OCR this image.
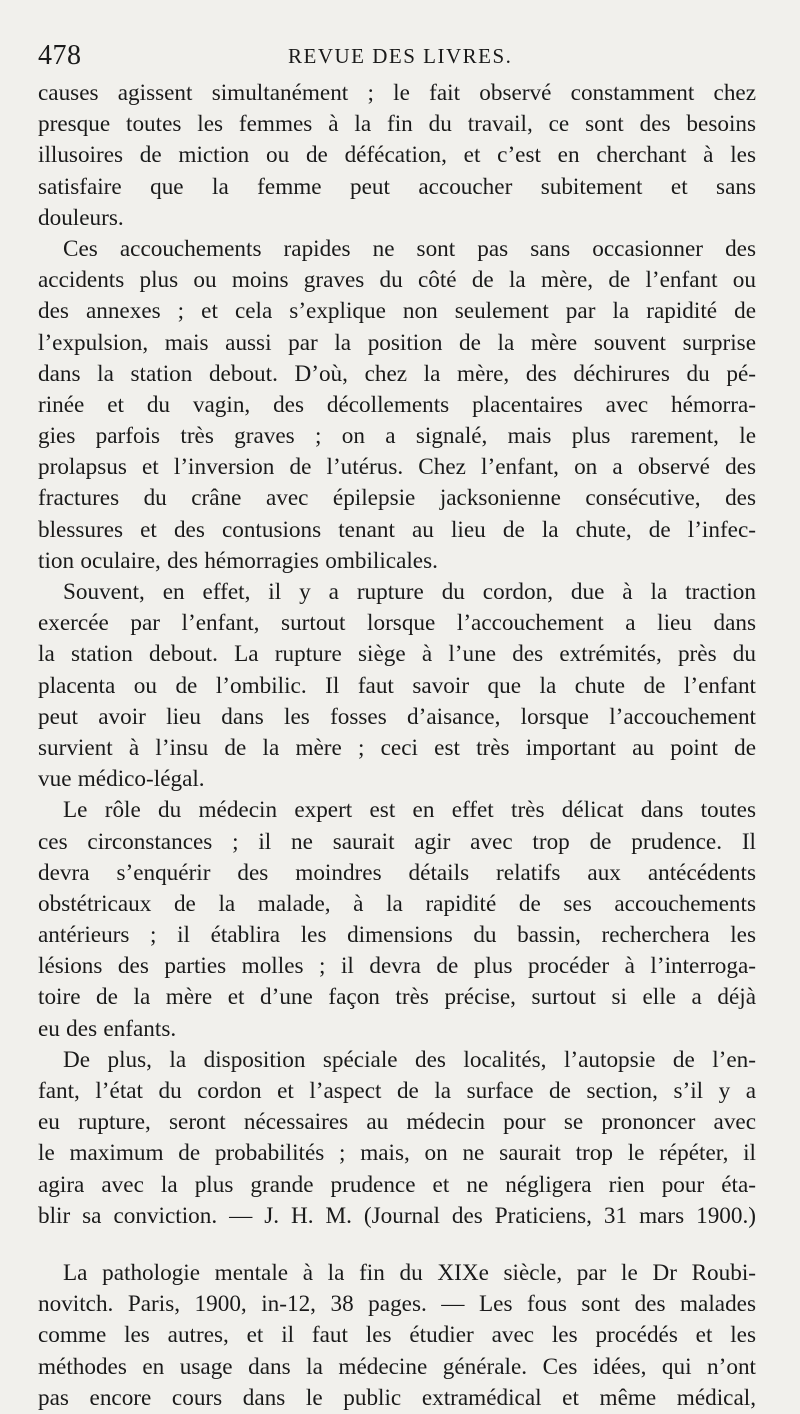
478	REVUE DES LIVRES.
causes agissent simultanément ; le fait observé constamment chez
presque toutes les femmes à la fin du travail, ce sont des besoins
illusoires de miction ou de défécation, et c’est en cherchant à les
satisfaire que la femme peut accoucher subitement et sans
douleurs.
Ces accouchements rapides ne sont pas sans occasionner des
accidents plus ou moins graves du côté de la mère, de l’enfant ou
des annexes ; et cela s’explique non seulement par la rapidité de
l’expulsion, mais aussi par la position de la mère souvent surprise
dans la station debout. D’où, chez la mère, des déchirures du pé-
rinée et du vagin, des décollements placentaires avec hémorra-
gies parfois très graves ; on a signalé, mais plus rarement, le
prolapsus et l’inversion de l’utérus. Chez l’enfant, on a observé des
fractures du crâne avec épilepsie jacksonienne consécutive, des
blessures et des contusions tenant au lieu de la chute, de l’infec-
tion oculaire, des hémorragies ombilicales.
Souvent, en effet, il y a rupture du cordon, due à la traction
exercée par l’enfant, surtout lorsque l’accouchement a lieu dans
la station debout. La rupture siège à l’une des extrémités, près du
placenta ou de l’ombilic. Il faut savoir que la chute de l’enfant
peut avoir lieu dans les fosses d’aisance, lorsque l’accouchement
survient à l’insu de la mère ; ceci est très important au point de
vue médico-légal.
Le rôle du médecin expert est en effet très délicat dans toutes
ces circonstances ; il ne saurait agir avec trop de prudence. Il
devra s’enquérir des moindres détails relatifs aux antécédents
obstétricaux de la malade, à la rapidité de ses accouchements
antérieurs ; il établira les dimensions du bassin, recherchera les
lésions des parties molles ; il devra de plus procéder à l’interroga-
toire de la mère et d’une façon très précise, surtout si elle a déjà
eu des enfants.
De plus, la disposition spéciale des localités, l’autopsie de l’en-
fant, l’état du cordon et l’aspect de la surface de section, s’il y a
eu rupture, seront nécessaires au médecin pour se prononcer avec
le maximum de probabilités ; mais, on ne saurait trop le répéter, il
agira avec la plus grande prudence et ne négligera rien pour éta-
blir sa conviction. — J. H. M. (Journal des Praticiens, 31 mars 1900.)
La pathologie mentale à la fin du XIXe siècle, par le Dr Roubi-
novitch. Paris, 1900, in-12, 38 pages. — Les fous sont des malades
comme les autres, et il faut les étudier avec les procédés et les
méthodes en usage dans la médecine générale. Ces idées, qui n’ont
pas encore cours dans le public extramédical et même médical,
